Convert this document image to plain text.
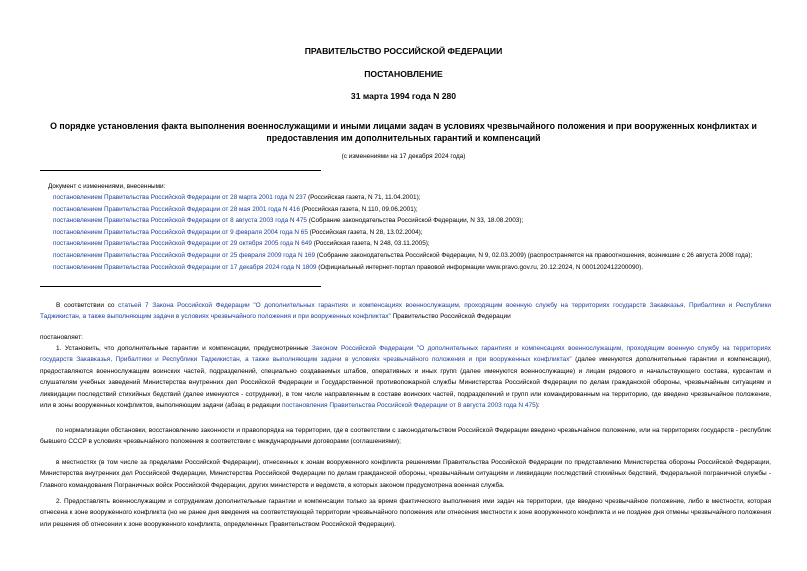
ПРАВИТЕЛЬСТВО РОССИЙСКОЙ ФЕДЕРАЦИИ
ПОСТАНОВЛЕНИЕ
31 марта 1994 года N 280
О порядке установления факта выполнения военнослужащими и иными лицами задач в условиях чрезвычайного положения и при вооруженных конфликтах и предоставления им дополнительных гарантий и компенсаций
(с изменениями на 17 декабря 2024 года)
Документ с изменениями, внесенными:
постановлением Правительства Российской Федерации от 28 марта 2001 года N 237 (Российская газета, N 71, 11.04.2001);
постановлением Правительства Российской Федерации от 28 мая 2001 года N 416 (Российская газета, N 110, 09.06.2001);
постановлением Правительства Российской Федерации от 8 августа 2003 года N 475 (Собрание законодательства Российской Федерации, N 33, 18.08.2003);
постановлением Правительства Российской Федерации от 9 февраля 2004 года N 65 (Российская газета, N 28, 13.02.2004);
постановлением Правительства Российской Федерации от 29 октября 2005 года N 649 (Российская газета, N 248, 03.11.2005);
постановлением Правительства Российской Федерации от 25 февраля 2009 года N 169 (Собрание законодательства Российской Федерации, N 9, 02.03.2009) (распространяется на правоотношения, возникшие с 26 августа 2008 года);
постановлением Правительства Российской Федерации от 17 декабря 2024 года N 1809 (Официальный интернет-портал правовой информации www.pravo.gov.ru, 20.12.2024, N 0001202412200090).

В соответствии со статьей 7 Закона Российской Федерации "О дополнительных гарантиях и компенсациях военнослужащим, проходящим военную службу на территориях государств Закавказья, Прибалтики и Республики Таджикистан, а также выполняющим задачи в условиях чрезвычайного положения и при вооруженных конфликтах" Правительство Российской Федерации

постановляет:

1. Установить, что дополнительные гарантии и компенсации, предусмотренные Законом Российской Федерации "О дополнительных гарантиях и компенсациях военнослужащим, проходящим военную службу на территориях государств Закавказья, Прибалтики и Республики Таджикистан, а также выполняющим задачи в условиях чрезвычайного положения и при вооруженных конфликтах" (далее именуются дополнительные гарантии и компенсации), предоставляются военнослужащим воинских частей, подразделений, специально создаваемых штабов, оперативных и иных групп (далее именуются военнослужащие) и лицам рядового и начальствующего состава, курсантам и слушателям учебных заведений Министерства внутренних дел Российской Федерации и Государственной противопожарной службы Министерства Российской Федерации по делам гражданской обороны, чрезвычайным ситуациям и ликвидации последствий стихийных бедствий (далее именуются - сотрудники), в том числе направленным в составе воинских частей, подразделений и групп или командированным на территорию, где введено чрезвычайное положение, или в зоны вооруженных конфликтов, выполняющим задачи (абзац в редакции постановления Правительства Российской Федерации от 8 августа 2003 года N 475):

по нормализации обстановки, восстановлению законности и правопорядка на территории, где в соответствии с законодательством Российской Федерации введено чрезвычайное положение, или на территориях государств - республик бывшего СССР в условиях чрезвычайного положения в соответствии с международными договорами (соглашениями);

в местностях (в том числе за пределами Российской Федерации), отнесенных к зонам вооруженного конфликта решениями Правительства Российской Федерации по представлению Министерства обороны Российской Федерации, Министерства внутренних дел Российской Федерации, Министерства Российской Федерации по делам гражданской обороны, чрезвычайным ситуациям и ликвидации последствий стихийных бедствий, Федеральной пограничной службы - Главного командования Пограничных войск Российской Федерации, других министерств и ведомств, в которых законом предусмотрена военная служба.

2. Предоставлять военнослужащим и сотрудникам дополнительные гарантии и компенсации только за время фактического выполнения ими задач на территории, где введено чрезвычайное положение, либо в местности, которая отнесена к зоне вооруженного конфликта (но не ранее дня введения на соответствующей территории чрезвычайного положения или отнесения местности к зоне вооруженного конфликта и не позднее дня отмены чрезвычайного положения или решения об отнесении к зоне вооруженного конфликта, определенных Правительством Российской Федерации).
